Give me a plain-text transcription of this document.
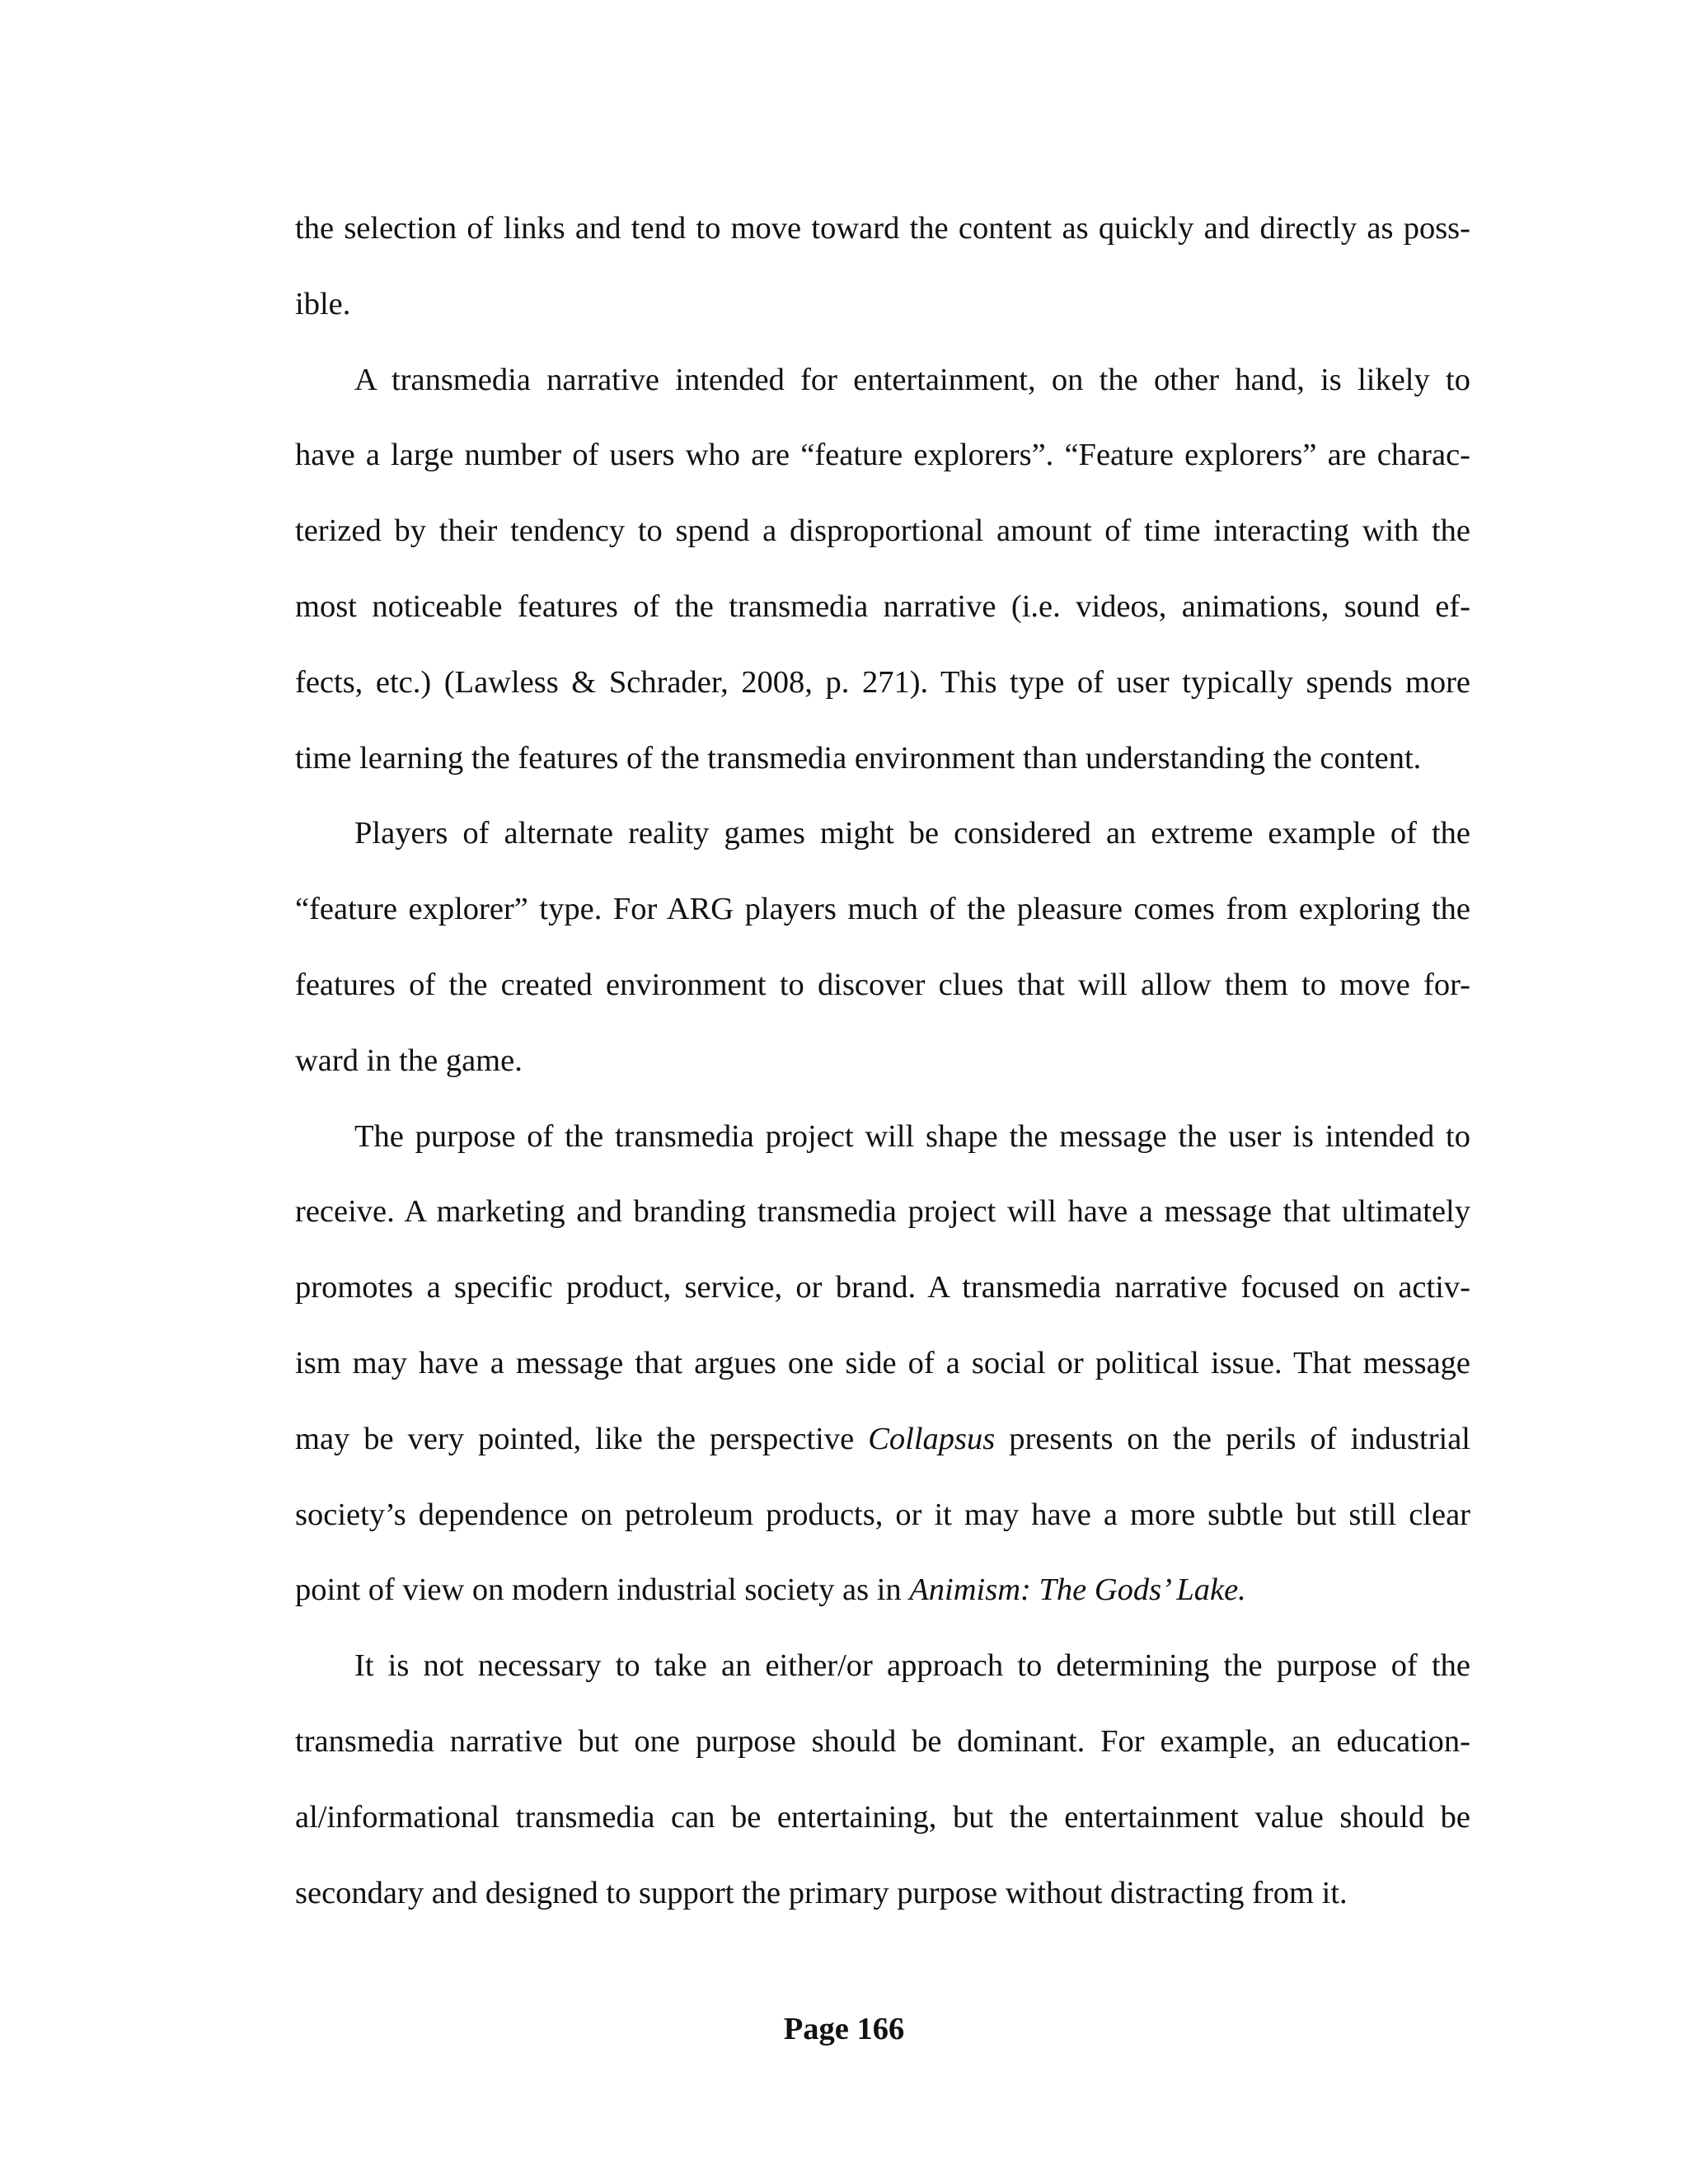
the selection of links and tend to move toward the content as quickly and directly as poss-
ible.
A transmedia narrative intended for entertainment, on the other hand, is likely to
have a large number of users who are “feature explorers”. “Feature explorers” are charac-
terized by their tendency to spend a disproportional amount of time interacting with the
most noticeable features of the transmedia narrative (i.e. videos, animations, sound ef-
fects, etc.) (Lawless & Schrader, 2008, p. 271). This type of user typically spends more
time learning the features of the transmedia environment than understanding the content.
Players of alternate reality games might be considered an extreme example of the
“feature explorer” type. For ARG players much of the pleasure comes from exploring the
features of the created environment to discover clues that will allow them to move for-
ward in the game.
The purpose of the transmedia project will shape the message the user is intended to
receive. A marketing and branding transmedia project will have a message that ultimately
promotes a specific product, service, or brand. A transmedia narrative focused on activ-
ism may have a message that argues one side of a social or political issue. That message
may be very pointed, like the perspective Collapsus presents on the perils of industrial
society’s dependence on petroleum products, or it may have a more subtle but still clear
point of view on modern industrial society as in Animism: The Gods’ Lake.
It is not necessary to take an either/or approach to determining the purpose of the
transmedia narrative but one purpose should be dominant. For example, an education-
al/informational transmedia can be entertaining, but the entertainment value should be
secondary and designed to support the primary purpose without distracting from it.
Page 166
